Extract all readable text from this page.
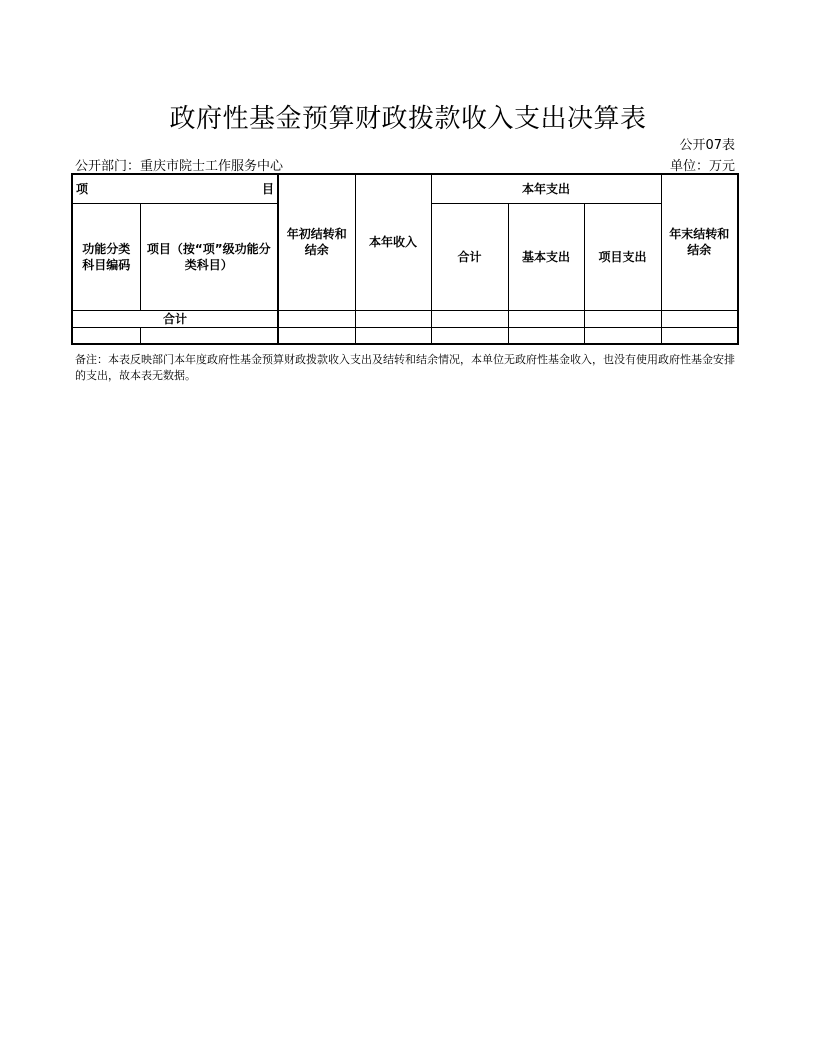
政府性基金预算财政拨款收入支出决算表
公开07表
公开部门：重庆市院士工作服务中心	单位：万元
项 目		年初结转和结余	本年收入	本年支出			年末结转和结余
功能分类科目编码	项目（按“项”级功能分类科目）			合计	基本支出	项目支出	
合计							

备注：本表反映部门本年度政府性基金预算财政拨款收入支出及结转和结余情况，本单位无政府性基金收入，也没有使用政府性基金安排的支出，故本表无数据。
